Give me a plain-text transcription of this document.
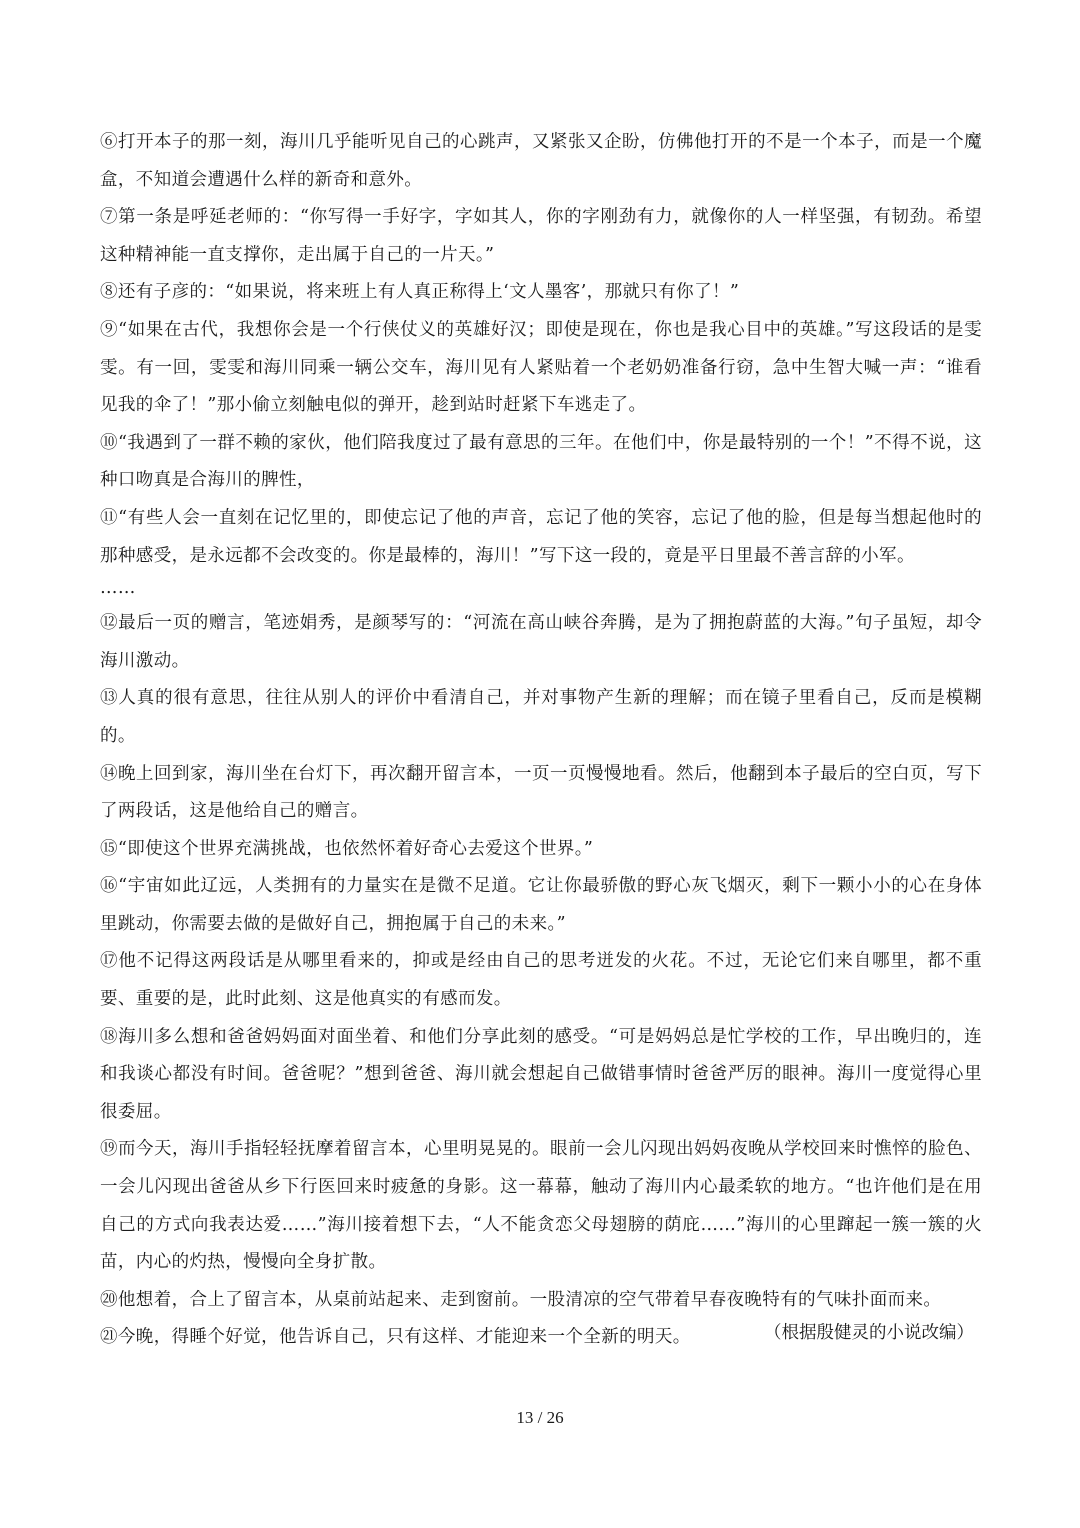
⑥打开本子的那一刻，海川几乎能听见自己的心跳声，又紧张又企盼，仿佛他打开的不是一个本子，而是一个魔盒，不知道会遭遇什么样的新奇和意外。

⑦第一条是呼延老师的：“你写得一手好字，字如其人，你的字刚劲有力，就像你的人一样坚强，有韧劲。希望这种精神能一直支撑你，走出属于自己的一片天。”

⑧还有子彦的：“如果说，将来班上有人真正称得上‘文人墨客’，那就只有你了！”

⑨“如果在古代，我想你会是一个行侠仗义的英雄好汉；即使是现在，你也是我心目中的英雄。”写这段话的是雯雯。有一回，雯雯和海川同乘一辆公交车，海川见有人紧贴着一个老奶奶准备行窃，急中生智大喊一声：“谁看见我的伞了！”那小偷立刻触电似的弹开，趁到站时赶紧下车逃走了。

⑩“我遇到了一群不赖的家伙，他们陪我度过了最有意思的三年。在他们中，你是最特别的一个！”不得不说，这种口吻真是合海川的脾性，

⑪“有些人会一直刻在记忆里的，即使忘记了他的声音，忘记了他的笑容，忘记了他的脸，但是每当想起他时的那种感受，是永远都不会改变的。你是最棒的，海川！”写下这一段的，竟是平日里最不善言辞的小军。

……

⑫最后一页的赠言，笔迹娟秀，是颜琴写的：“河流在高山峡谷奔腾，是为了拥抱蔚蓝的大海。”句子虽短，却令海川激动。

⑬人真的很有意思，往往从别人的评价中看清自己，并对事物产生新的理解；而在镜子里看自己，反而是模糊的。

⑭晚上回到家，海川坐在台灯下，再次翻开留言本，一页一页慢慢地看。然后，他翻到本子最后的空白页，写下了两段话，这是他给自己的赠言。

⑮“即使这个世界充满挑战，也依然怀着好奇心去爱这个世界。”

⑯“宇宙如此辽远，人类拥有的力量实在是微不足道。它让你最骄傲的野心灰飞烟灭，剩下一颗小小的心在身体里跳动，你需要去做的是做好自己，拥抱属于自己的未来。”

⑰他不记得这两段话是从哪里看来的，抑或是经由自己的思考迸发的火花。不过，无论它们来自哪里，都不重要、重要的是，此时此刻、这是他真实的有感而发。

⑱海川多么想和爸爸妈妈面对面坐着、和他们分享此刻的感受。“可是妈妈总是忙学校的工作，早出晚归的，连和我谈心都没有时间。爸爸呢？”想到爸爸、海川就会想起自己做错事情时爸爸严厉的眼神。海川一度觉得心里很委屈。

⑲而今天，海川手指轻轻抚摩着留言本，心里明晃晃的。眼前一会儿闪现出妈妈夜晚从学校回来时憔悴的脸色、一会儿闪现出爸爸从乡下行医回来时疲惫的身影。这一幕幕，触动了海川内心最柔软的地方。“也许他们是在用自己的方式向我表达爱……”海川接着想下去，“人不能贪恋父母翅膀的荫庇……”海川的心里蹿起一簇一簇的火苗，内心的灼热，慢慢向全身扩散。

⑳他想着，合上了留言本，从桌前站起来、走到窗前。一股清凉的空气带着早春夜晚特有的气味扑面而来。

㉑今晚，得睡个好觉，他告诉自己，只有这样、才能迎来一个全新的明天。	（根据殷健灵的小说改编）
13 / 26
